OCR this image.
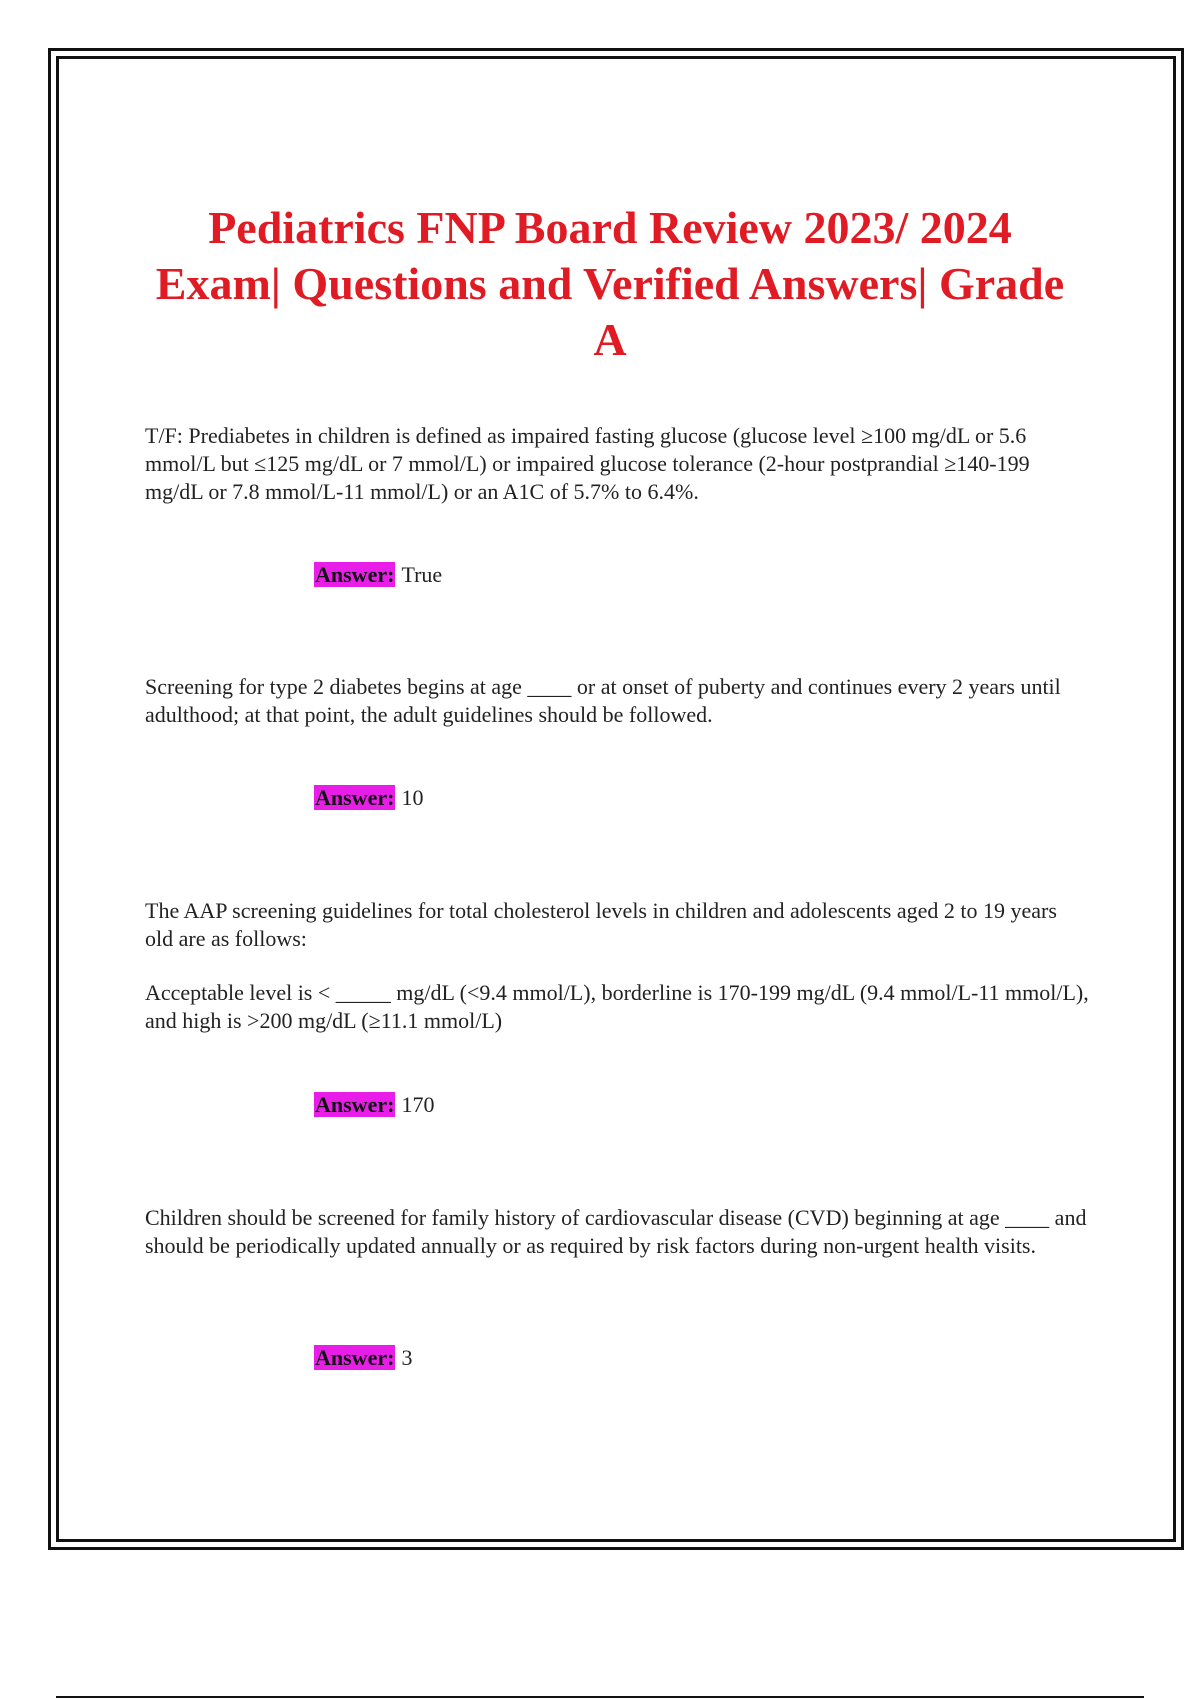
Pediatrics FNP Board Review 2023/ 2024 Exam| Questions and Verified Answers| Grade A

T/F: Prediabetes in children is defined as impaired fasting glucose (glucose level ≥100 mg/dL or 5.6 mmol/L but ≤125 mg/dL or 7 mmol/L) or impaired glucose tolerance (2-hour postprandial ≥140-199 mg/dL or 7.8 mmol/L-11 mmol/L) or an A1C of 5.7% to 6.4%.

Answer: True

Screening for type 2 diabetes begins at age ____ or at onset of puberty and continues every 2 years until adulthood; at that point, the adult guidelines should be followed.

Answer: 10

The AAP screening guidelines for total cholesterol levels in children and adolescents aged 2 to 19 years old are as follows:

Acceptable level is < _____ mg/dL (<9.4 mmol/L), borderline is 170-199 mg/dL (9.4 mmol/L-11 mmol/L), and high is >200 mg/dL (≥11.1 mmol/L)

Answer: 170

Children should be screened for family history of cardiovascular disease (CVD) beginning at age ____ and should be periodically updated annually or as required by risk factors during non-urgent health visits.

Answer: 3
